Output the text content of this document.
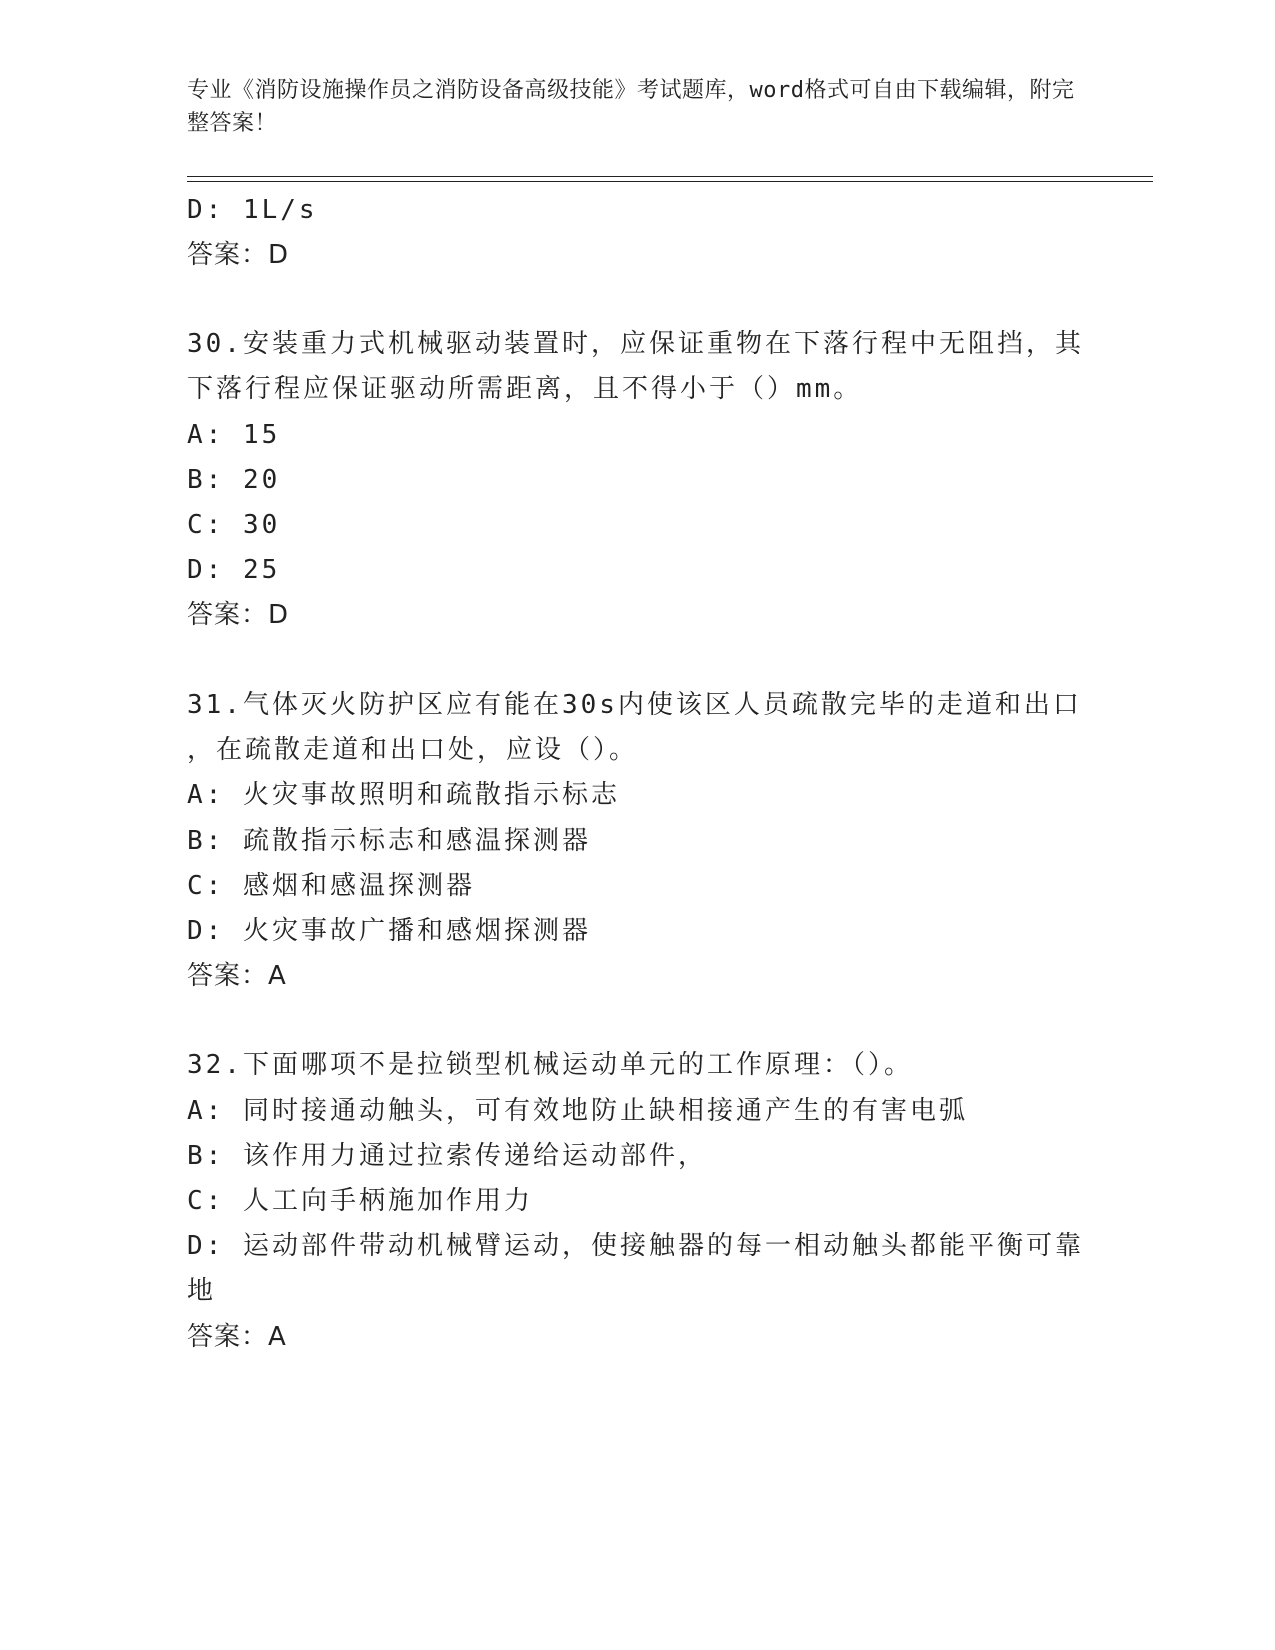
专业《消防设施操作员之消防设备高级技能》考试题库，word格式可自由下载编辑，附完整答案！
D: 1L/s
答案：D
30.安装重力式机械驱动装置时，应保证重物在下落行程中无阻挡，其
下落行程应保证驱动所需距离，且不得小于（）mm。
A: 15
B: 20
C: 30
D: 25
答案：D
31.气体灭火防护区应有能在30s内使该区人员疏散完毕的走道和出口
，在疏散走道和出口处，应设（）。
A: 火灾事故照明和疏散指示标志
B: 疏散指示标志和感温探测器
C: 感烟和感温探测器
D: 火灾事故广播和感烟探测器
答案：A
32.下面哪项不是拉锁型机械运动单元的工作原理：（）。
A: 同时接通动触头，可有效地防止缺相接通产生的有害电弧
B: 该作用力通过拉索传递给运动部件，
C: 人工向手柄施加作用力
D: 运动部件带动机械臂运动，使接触器的每一相动触头都能平衡可靠
地
答案：A
